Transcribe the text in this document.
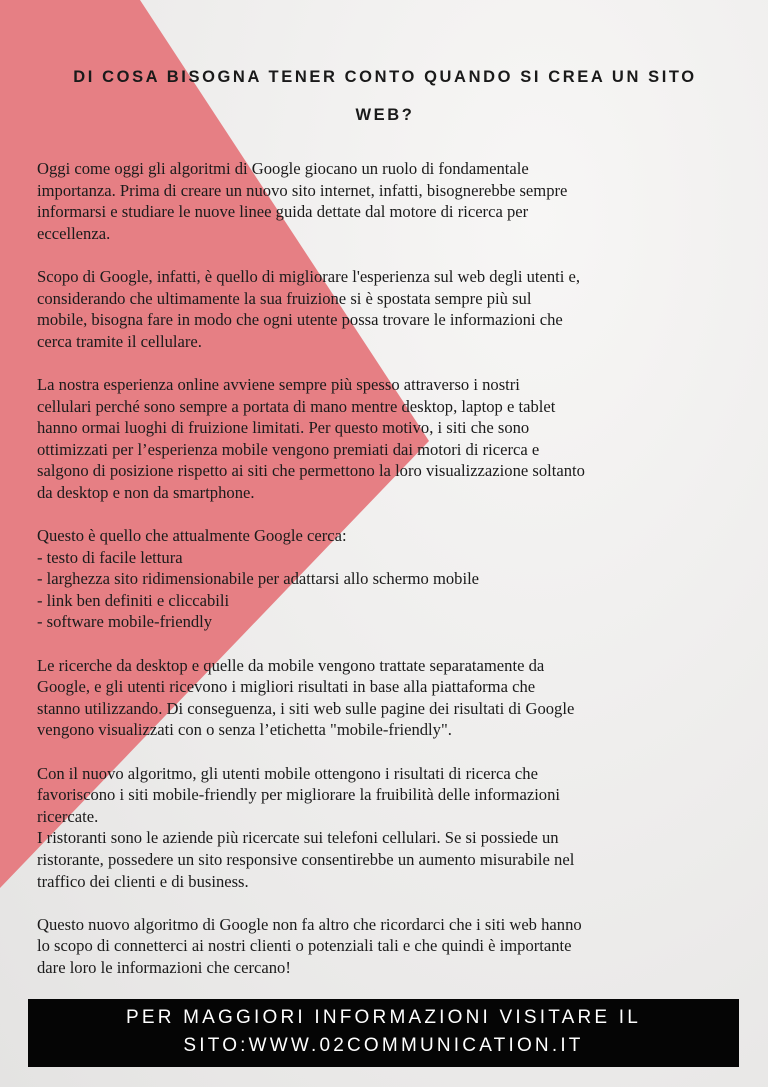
DI COSA BISOGNA TENER CONTO QUANDO SI CREA UN SITO
WEB?

Oggi come oggi gli algoritmi di Google giocano un ruolo di fondamentale
importanza. Prima di creare un nuovo sito internet, infatti, bisognerebbe sempre
informarsi e studiare le nuove linee guida dettate dal motore di ricerca per
eccellenza.

Scopo di Google, infatti, è quello di migliorare l'esperienza sul web degli utenti e,
considerando che ultimamente la sua fruizione si è spostata sempre più sul
mobile, bisogna fare in modo che ogni utente possa trovare le informazioni che
cerca tramite il cellulare.

La nostra esperienza online avviene sempre più spesso attraverso i nostri
cellulari perché sono sempre a portata di mano mentre desktop, laptop e tablet
hanno ormai luoghi di fruizione limitati. Per questo motivo, i siti che sono
ottimizzati per l’esperienza mobile vengono premiati dai motori di ricerca e
salgono di posizione rispetto ai siti che permettono la loro visualizzazione soltanto
da desktop e non da smartphone.

Questo è quello che attualmente Google cerca:
- testo di facile lettura
- larghezza sito ridimensionabile per adattarsi allo schermo mobile
- link ben definiti e cliccabili
- software mobile-friendly

Le ricerche da desktop e quelle da mobile vengono trattate separatamente da
Google, e gli utenti ricevono i migliori risultati in base alla piattaforma che
stanno utilizzando. Di conseguenza, i siti web sulle pagine dei risultati di Google
vengono visualizzati con o senza l’etichetta "mobile-friendly".

Con il nuovo algoritmo, gli utenti mobile ottengono i risultati di ricerca che
favoriscono i siti mobile-friendly per migliorare la fruibilità delle informazioni
ricercate.
I ristoranti sono le aziende più ricercate sui telefoni cellulari. Se si possiede un
ristorante, possedere un sito responsive consentirebbe un aumento misurabile nel
traffico dei clienti e di business.

Questo nuovo algoritmo di Google non fa altro che ricordarci che i siti web hanno
lo scopo di connetterci ai nostri clienti o potenziali tali e che quindi è importante
dare loro le informazioni che cercano!

PER MAGGIORI INFORMAZIONI VISITARE IL
SITO:WWW.02COMMUNICATION.IT
